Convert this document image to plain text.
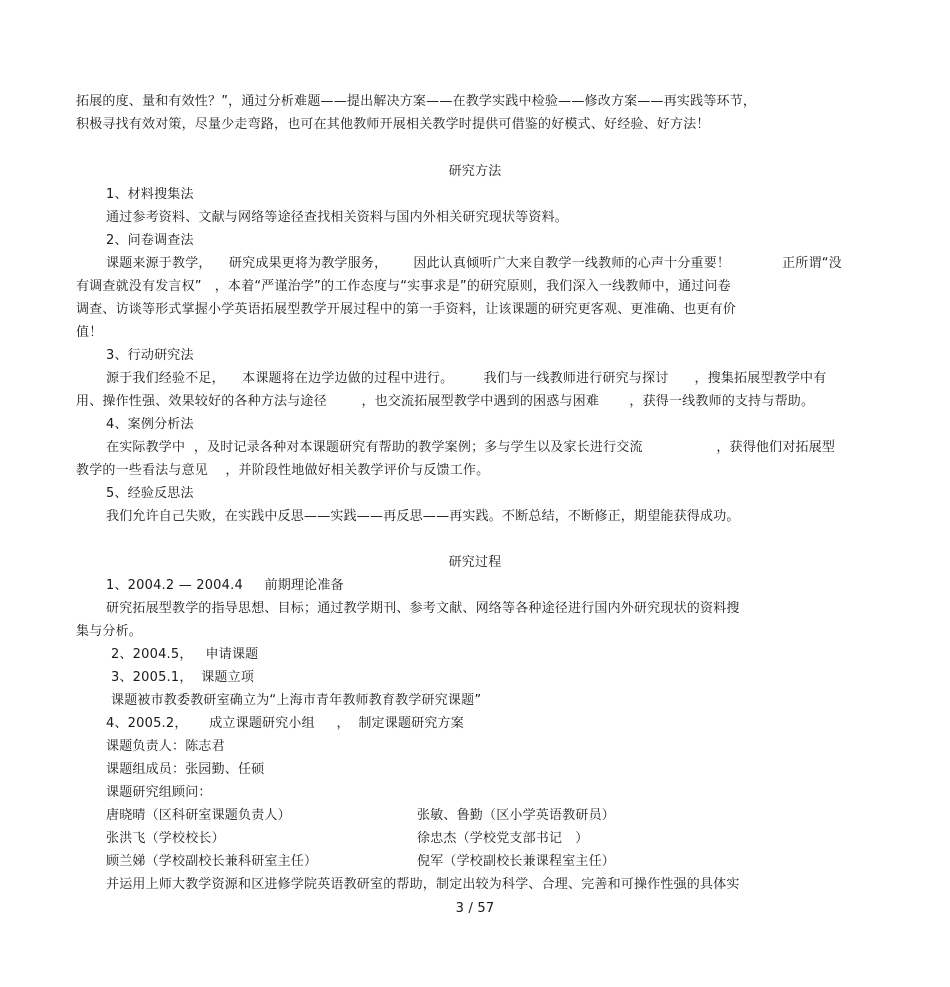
拓展的度、量和有效性？”，通过分析难题——提出解决方案——在教学实践中检验——修改方案——再实践等环节，
积极寻找有效对策，尽量少走弯路，也可在其他教师开展相关教学时提供可借鉴的好模式、好经验、好方法！
研究方法
1、材料搜集法
通过参考资料、文献与网络等途径查找相关资料与国内外相关研究现状等资料。
2、问卷调查法
课题来源于教学，    研究成果更将为教学服务，      因此认真倾听广大来自教学一线教师的心声十分重要！            正所谓“没
有调查就没有发言权”   ，本着“严谨治学”的工作态度与“实事求是”的研究原则，我们深入一线教师中，通过问卷
调查、访谈等形式掌握小学英语拓展型教学开展过程中的第一手资料，让该课题的研究更客观、更准确、也更有价
值！
3、行动研究法
源于我们经验不足，    本课题将在边学边做的过程中进行。       我们与一线教师进行研究与探讨      ，搜集拓展型教学中有
用、操作性强、效果较好的各种方法与途径        ，也交流拓展型教学中遇到的困惑与困难       ，获得一线教师的支持与帮助。
4、案例分析法
在实际教学中  ，及时记录各种对本课题研究有帮助的教学案例；多与学生以及家长进行交流                 ，获得他们对拓展型
教学的一些看法与意见    ，并阶段性地做好相关教学评价与反馈工作。
5、经验反思法
我们允许自己失败，在实践中反思——实践——再反思——再实践。不断总结，不断修正，期望能获得成功。
研究过程
1、2004.2 — 2004.4     前期理论准备
研究拓展型教学的指导思想、目标；通过教学期刊、参考文献、网络等各种途径进行国内外研究现状的资料搜
集与分析。
2、2004.5，   申请课题
3、2005.1，  课题立项
课题被市教委教研室确立为“上海市青年教师教育教学研究课题”
4、2005.2，     成立课题研究小组     ，  制定课题研究方案
课题负责人：陈志君
课题组成员：张园勤、任硕
课题研究组顾问：
唐晓晴（区科研室课题负责人）	张敏、鲁勤（区小学英语教研员）
张洪飞（学校校长）	徐忠杰（学校党支部书记   ）
顾兰娣（学校副校长兼科研室主任）	倪军（学校副校长兼课程室主任）
并运用上师大教学资源和区进修学院英语教研室的帮助，制定出较为科学、合理、完善和可操作性强的具体实
3 / 57
